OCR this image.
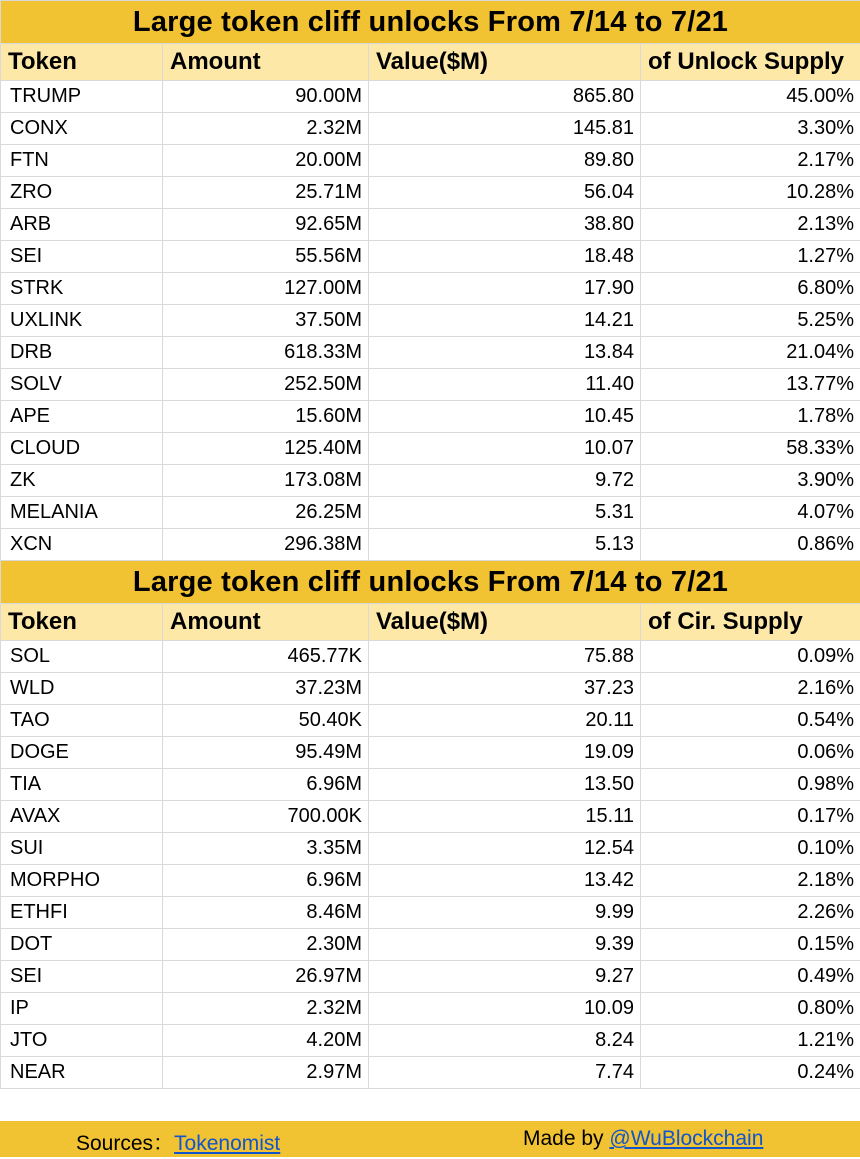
Large token cliff unlocks From 7/14 to 7/21			
Token	Amount	Value($M)	of Unlock Supply
TRUMP	90.00M	865.80	45.00%
CONX	2.32M	145.81	3.30%
FTN	20.00M	89.80	2.17%
ZRO	25.71M	56.04	10.28%
ARB	92.65M	38.80	2.13%
SEI	55.56M	18.48	1.27%
STRK	127.00M	17.90	6.80%
UXLINK	37.50M	14.21	5.25%
DRB	618.33M	13.84	21.04%
SOLV	252.50M	11.40	13.77%
APE	15.60M	10.45	1.78%
CLOUD	125.40M	10.07	58.33%
ZK	173.08M	9.72	3.90%
MELANIA	26.25M	5.31	4.07%
XCN	296.38M	5.13	0.86%
Large token cliff unlocks From 7/14 to 7/21			
Token	Amount	Value($M)	of Cir. Supply
SOL	465.77K	75.88	0.09%
WLD	37.23M	37.23	2.16%
TAO	50.40K	20.11	0.54%
DOGE	95.49M	19.09	0.06%
TIA	6.96M	13.50	0.98%
AVAX	700.00K	15.11	0.17%
SUI	3.35M	12.54	0.10%
MORPHO	6.96M	13.42	2.18%
ETHFI	8.46M	9.99	2.26%
DOT	2.30M	9.39	0.15%
SEI	26.97M	9.27	0.49%
IP	2.32M	10.09	0.80%
JTO	4.20M	8.24	1.21%
NEAR	2.97M	7.74	0.24%
Sources：Tokenomist	Made by @WuBlockchain
